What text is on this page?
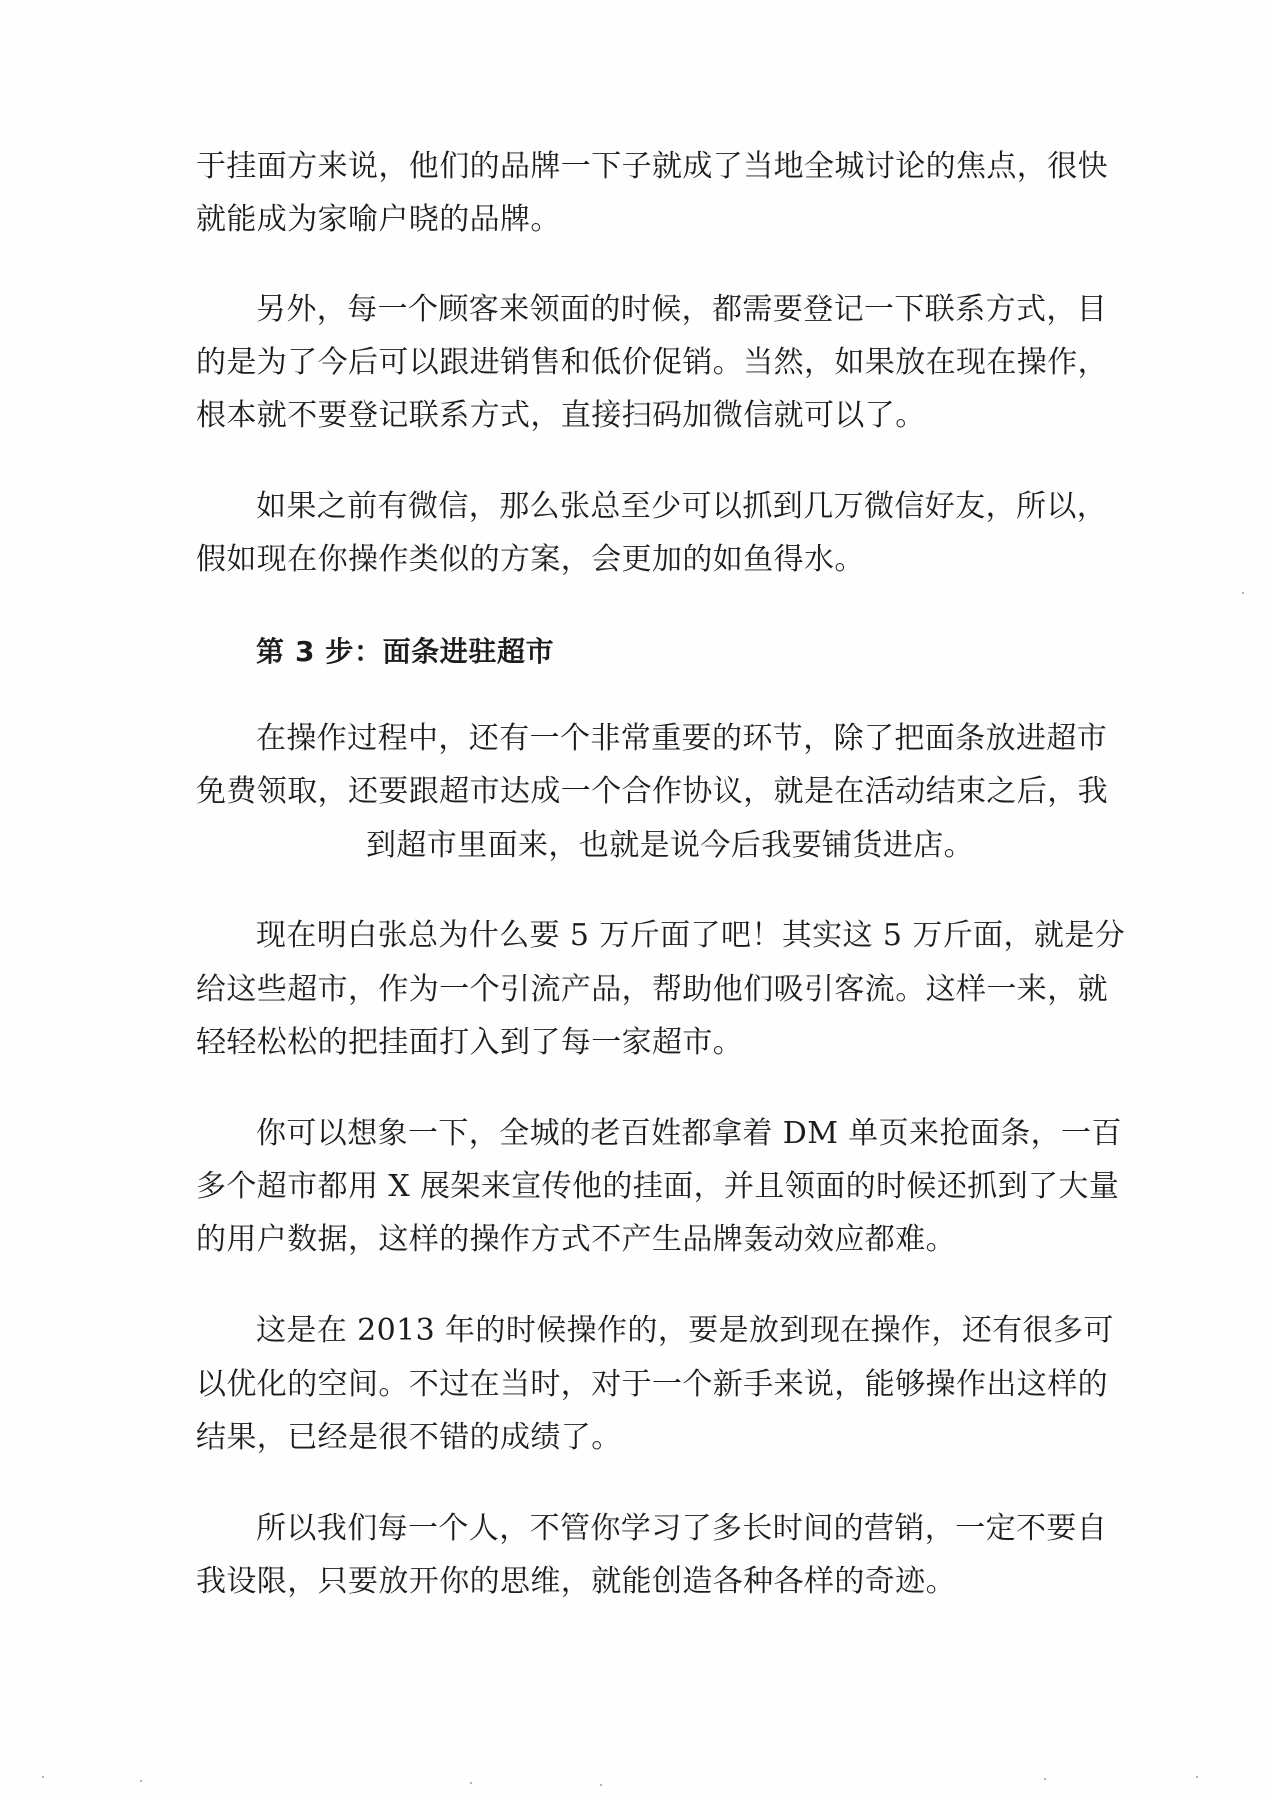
于挂面方来说，他们的品牌一下子就成了当地全城讨论的焦点，很快
就能成为家喻户晓的品牌。
另外，每一个顾客来领面的时候，都需要登记一下联系方式，目
的是为了今后可以跟进销售和低价促销。当然，如果放在现在操作，
根本就不要登记联系方式，直接扫码加微信就可以了。
如果之前有微信，那么张总至少可以抓到几万微信好友，所以，
假如现在你操作类似的方案，会更加的如鱼得水。
第 3 步：面条进驻超市
在操作过程中，还有一个非常重要的环节，除了把面条放进超市
免费领取，还要跟超市达成一个合作协议，就是在活动结束之后，我
到超市里面来，也就是说今后我要铺货进店。
现在明白张总为什么要 5 万斤面了吧！其实这 5 万斤面，就是分
给这些超市，作为一个引流产品，帮助他们吸引客流。这样一来，就
轻轻松松的把挂面打入到了每一家超市。
你可以想象一下，全城的老百姓都拿着 DM 单页来抢面条，一百
多个超市都用 X 展架来宣传他的挂面，并且领面的时候还抓到了大量
的用户数据，这样的操作方式不产生品牌轰动效应都难。
这是在 2013 年的时候操作的，要是放到现在操作，还有很多可
以优化的空间。不过在当时，对于一个新手来说，能够操作出这样的
结果，已经是很不错的成绩了。
所以我们每一个人，不管你学习了多长时间的营销，一定不要自
我设限，只要放开你的思维，就能创造各种各样的奇迹。
